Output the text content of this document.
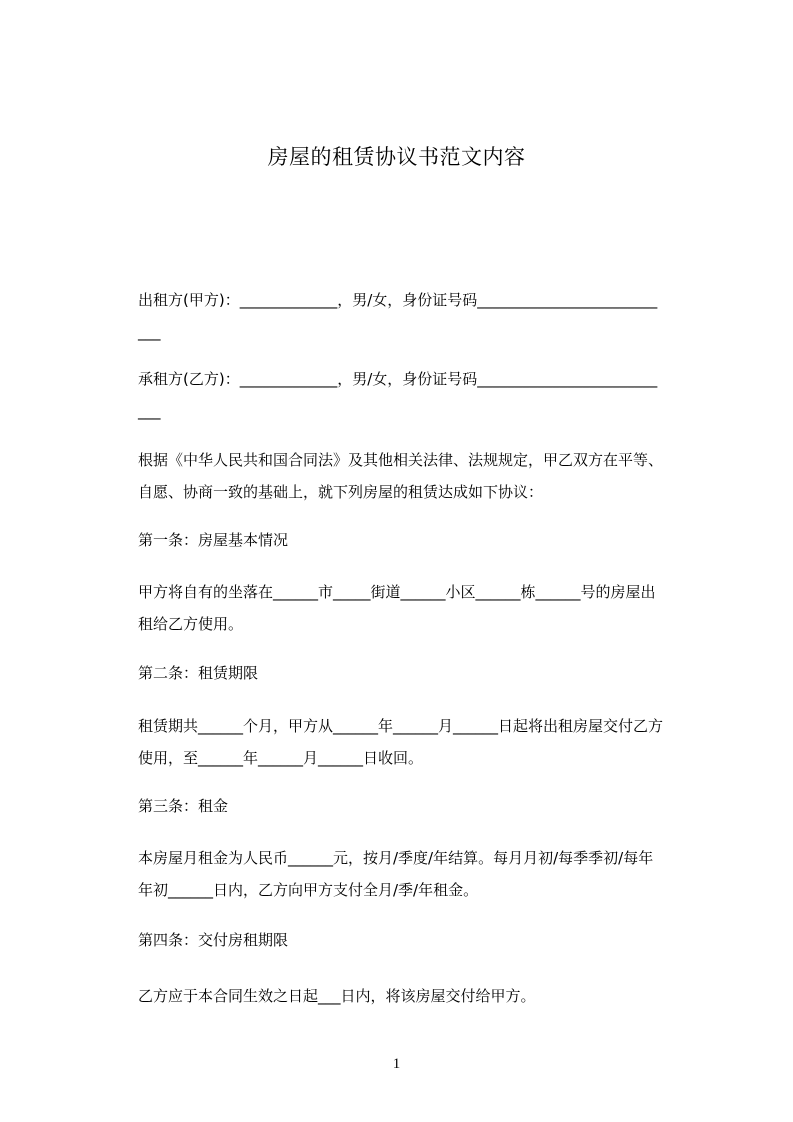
房屋的租赁协议书范文内容
出租方(甲方)：_____________，男/女，身份证号码________________________
___
承租方(乙方)：_____________，男/女，身份证号码________________________
___
根据《中华人民共和国合同法》及其他相关法律、法规规定，甲乙双方在平等、
自愿、协商一致的基础上，就下列房屋的租赁达成如下协议：
第一条：房屋基本情况
甲方将自有的坐落在______市_____街道______小区______栋______号的房屋出
租给乙方使用。
第二条：租赁期限
租赁期共______个月，甲方从______年______月______日起将出租房屋交付乙方
使用，至______年______月______日收回。
第三条：租金
本房屋月租金为人民币______元，按月/季度/年结算。每月月初/每季季初/每年
年初______日内，乙方向甲方支付全月/季/年租金。
第四条：交付房租期限
乙方应于本合同生效之日起___日内，将该房屋交付给甲方。
1
